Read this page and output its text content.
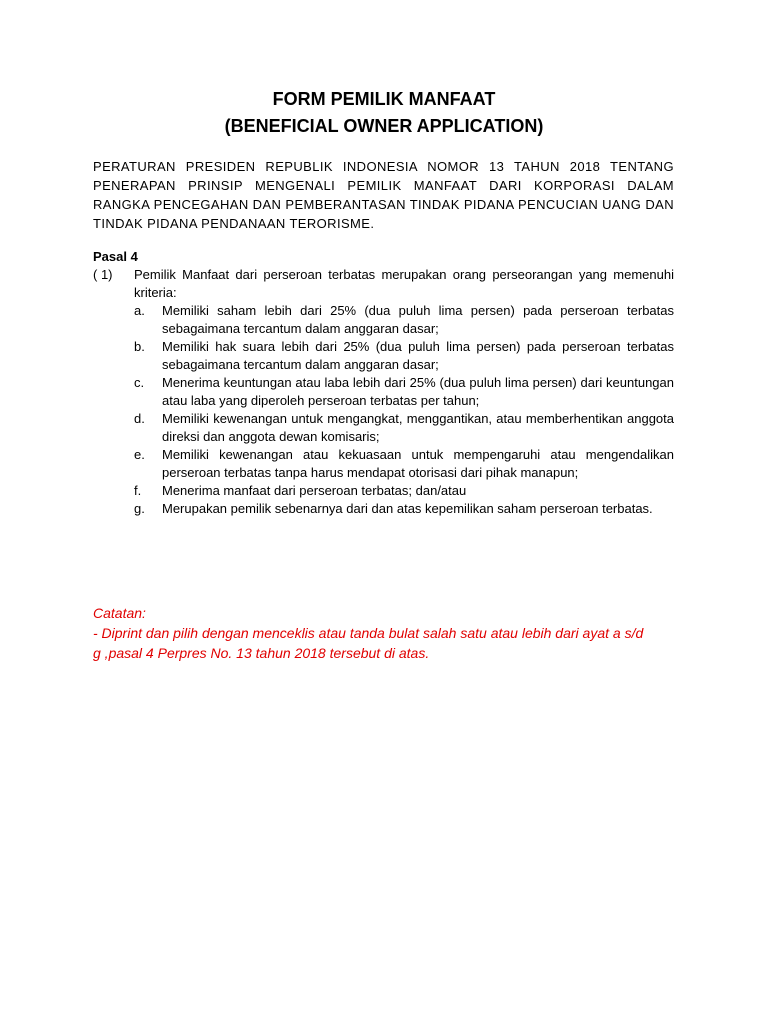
FORM PEMILIK MANFAAT
(BENEFICIAL OWNER APPLICATION)
PERATURAN PRESIDEN REPUBLIK INDONESIA NOMOR 13 TAHUN 2018 TENTANG PENERAPAN PRINSIP MENGENALI PEMILIK MANFAAT DARI KORPORASI DALAM RANGKA PENCEGAHAN DAN PEMBERANTASAN TINDAK PIDANA PENCUCIAN UANG DAN TINDAK PIDANA PENDANAAN TERORISME.
Pasal 4
( 1) Pemilik Manfaat dari perseroan terbatas merupakan orang perseorangan yang memenuhi kriteria:
a. Memiliki saham lebih dari 25% (dua puluh lima persen) pada perseroan terbatas sebagaimana tercantum dalam anggaran dasar;
b. Memiliki hak suara lebih dari 25% (dua puluh lima persen) pada perseroan terbatas sebagaimana tercantum dalam anggaran dasar;
c. Menerima keuntungan atau laba lebih dari 25% (dua puluh lima persen) dari keuntungan atau laba yang diperoleh perseroan terbatas per tahun;
d. Memiliki kewenangan untuk mengangkat, menggantikan, atau memberhentikan anggota direksi dan anggota dewan komisaris;
e. Memiliki kewenangan atau kekuasaan untuk mempengaruhi atau mengendalikan perseroan terbatas tanpa harus mendapat otorisasi dari pihak manapun;
f. Menerima manfaat dari perseroan terbatas; dan/atau
g. Merupakan pemilik sebenarnya dari dan atas kepemilikan saham perseroan terbatas.
Catatan:
- Diprint dan pilih dengan menceklis atau tanda bulat salah satu atau lebih dari ayat a s/d g ,pasal 4 Perpres No. 13 tahun 2018 tersebut di atas.
